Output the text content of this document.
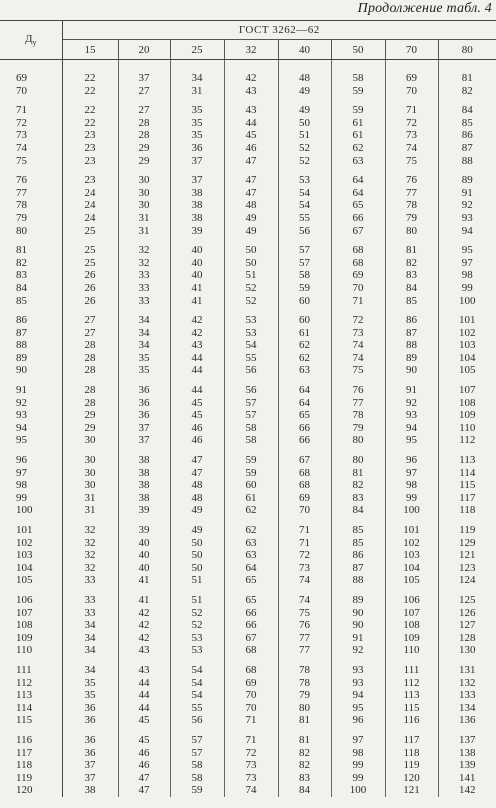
Продолжение табл. 4
$Д_у$	ГОСТ 3262—62							
	15	20	25	32	40	50	70	80

69	22	37	34	42	48	58	69	81
70	22	27	31	43	49	59	70	82

71	22	27	35	43	49	59	71	84
72	22	28	35	44	50	61	72	85
73	23	28	35	45	51	61	73	86
74	23	29	36	46	52	62	74	87
75	23	29	37	47	52	63	75	88

76	23	30	37	47	53	64	76	89
77	24	30	38	47	54	64	77	91
78	24	30	38	48	54	65	78	92
79	24	31	38	49	55	66	79	93
80	25	31	39	49	56	67	80	94

81	25	32	40	50	57	68	81	95
82	25	32	40	50	57	68	82	97
83	26	33	40	51	58	69	83	98
84	26	33	41	52	59	70	84	99
85	26	33	41	52	60	71	85	100

86	27	34	42	53	60	72	86	101
87	27	34	42	53	61	73	87	102
88	28	34	43	54	62	74	88	103
89	28	35	44	55	62	74	89	104
90	28	35	44	56	63	75	90	105

91	28	36	44	56	64	76	91	107
92	28	36	45	57	64	77	92	108
93	29	36	45	57	65	78	93	109
94	29	37	46	58	66	79	94	110
95	30	37	46	58	66	80	95	112

96	30	38	47	59	67	80	96	113
97	30	38	47	59	68	81	97	114
98	30	38	48	60	68	82	98	115
99	31	38	48	61	69	83	99	117
100	31	39	49	62	70	84	100	118

101	32	39	49	62	71	85	101	119
102	32	40	50	63	71	85	102	129
103	32	40	50	63	72	86	103	121
104	32	40	50	64	73	87	104	123
105	33	41	51	65	74	88	105	124

106	33	41	51	65	74	89	106	125
107	33	42	52	66	75	90	107	126
108	34	42	52	66	76	90	108	127
109	34	42	53	67	77	91	109	128
110	34	43	53	68	77	92	110	130

111	34	43	54	68	78	93	111	131
112	35	44	54	69	78	93	112	132
113	35	44	54	70	79	94	113	133
114	36	44	55	70	80	95	115	134
115	36	45	56	71	81	96	116	136

116	36	45	57	71	81	97	117	137
117	36	46	57	72	82	98	118	138
118	37	46	58	73	82	99	119	139
119	37	47	58	73	83	99	120	141
120	38	47	59	74	84	100	121	142
